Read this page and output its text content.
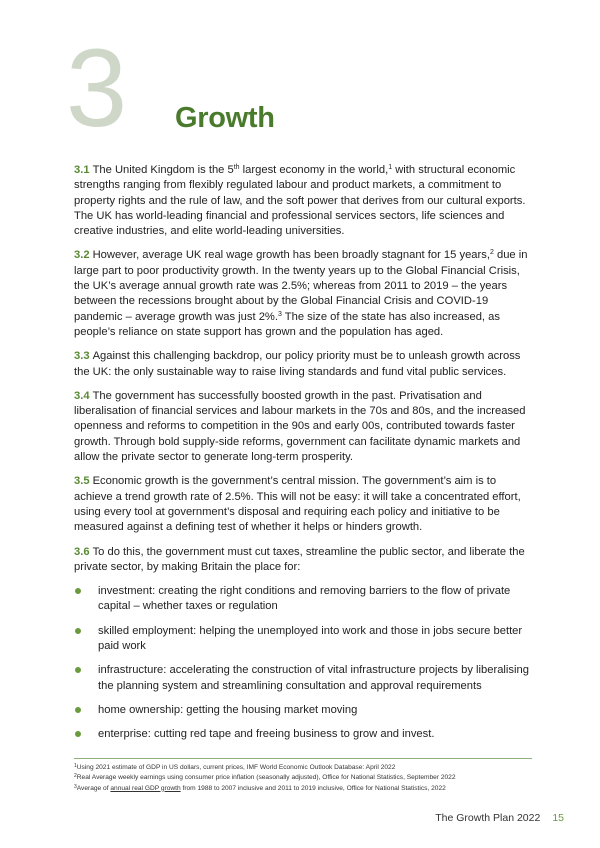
3 Growth

3.1 The United Kingdom is the 5th largest economy in the world,$^1$ with structural economic strengths ranging from flexibly regulated labour and product markets, a commitment to property rights and the rule of law, and the soft power that derives from our cultural exports. The UK has world-leading financial and professional services sectors, life sciences and creative industries, and elite world-leading universities.

3.2 However, average UK real wage growth has been broadly stagnant for 15 years,$^2$ due in large part to poor productivity growth. In the twenty years up to the Global Financial Crisis, the UK’s average annual growth rate was 2.5%; whereas from 2011 to 2019 – the years between the recessions brought about by the Global Financial Crisis and COVID-19 pandemic – average growth was just 2%.$^3$ The size of the state has also increased, as people’s reliance on state support has grown and the population has aged.

3.3 Against this challenging backdrop, our policy priority must be to unleash growth across the UK: the only sustainable way to raise living standards and fund vital public services.

3.4 The government has successfully boosted growth in the past. Privatisation and liberalisation of financial services and labour markets in the 70s and 80s, and the increased openness and reforms to competition in the 90s and early 00s, contributed towards faster growth. Through bold supply-side reforms, government can facilitate dynamic markets and allow the private sector to generate long-term prosperity.

3.5 Economic growth is the government’s central mission. The government’s aim is to achieve a trend growth rate of 2.5%. This will not be easy: it will take a concentrated effort, using every tool at government’s disposal and requiring each policy and initiative to be measured against a defining test of whether it helps or hinders growth.

3.6 To do this, the government must cut taxes, streamline the public sector, and liberate the private sector, by making Britain the place for:

investment: creating the right conditions and removing barriers to the flow of private capital – whether taxes or regulation
skilled employment: helping the unemployed into work and those in jobs secure better paid work
infrastructure: accelerating the construction of vital infrastructure projects by liberalising the planning system and streamlining consultation and approval requirements
home ownership: getting the housing market moving
enterprise: cutting red tape and freeing business to grow and invest.

$^1$Using 2021 estimate of GDP in US dollars, current prices, IMF World Economic Outlook Database: April 2022

$^2$Real Average weekly earnings using consumer price inflation (seasonally adjusted), Office for National Statistics, September 2022

$^3$Average of annual real GDP growth from 1988 to 2007 inclusive and 2011 to 2019 inclusive, Office for National Statistics, 2022

The Growth Plan 2022 15
